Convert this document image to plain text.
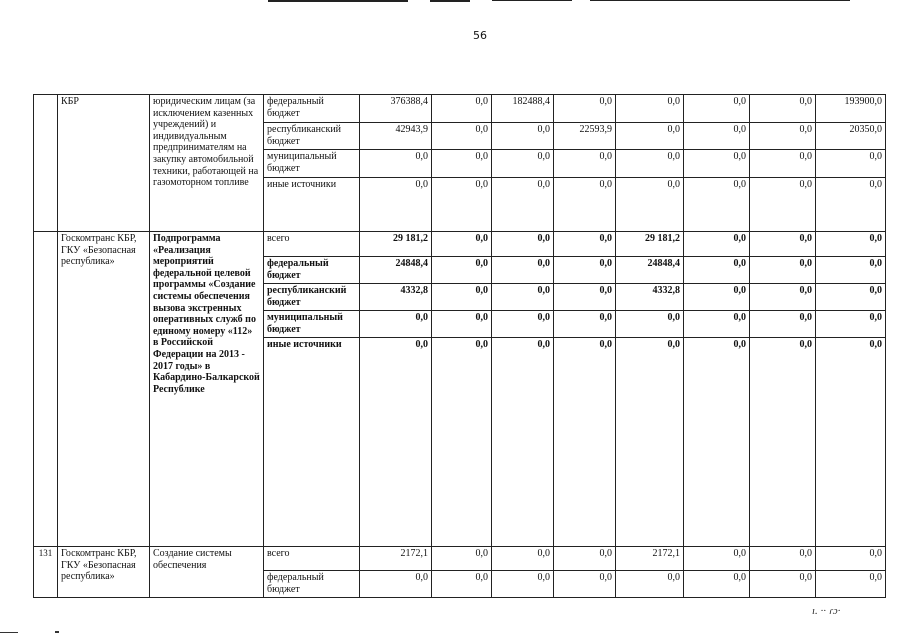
56
	КБР	юридическим лицам (за исключением казенных учреждений) и индивидуальным предпринимателям на закупку автомобильной техники, работающей на газомоторном топливе	федеральный бюджет	376388,4	0,0	182488,4	0,0	0,0	0,0	0,0	193900,0
			республиканский бюджет	42943,9	0,0	0,0	22593,9	0,0	0,0	0,0	20350,0
			муниципальный бюджет	0,0	0,0	0,0	0,0	0,0	0,0	0,0	0,0
			иные источники	0,0	0,0	0,0	0,0	0,0	0,0	0,0	0,0
	Госкомтранс КБР, ГКУ «Безопасная республика»	Подпрограмма «Реализация мероприятий федеральной целевой программы «Создание системы обеспечения вызова экстренных оперативных служб по единому номеру «112» в Российской Федерации на 2013 - 2017 годы» в Кабардино-Балкарской Республике	всего	29 181,2	0,0	0,0	0,0	29 181,2	0,0	0,0	0,0
			федеральный бюджет	24848,4	0,0	0,0	0,0	24848,4	0,0	0,0	0,0
			республиканский бюджет	4332,8	0,0	0,0	0,0	4332,8	0,0	0,0	0,0
			муниципальный бюджет	0,0	0,0	0,0	0,0	0,0	0,0	0,0	0,0
			иные источники	0,0	0,0	0,0	0,0	0,0	0,0	0,0	0,0
131	Госкомтранс КБР, ГКУ «Безопасная республика»	Создание системы обеспечения	всего	2172,1	0,0	0,0	0,0	2172,1	0,0	0,0	0,0
			федеральный бюджет	0,0	0,0	0,0	0,0	0,0	0,0	0,0	0,0
ı. ·· ɾɔ·
